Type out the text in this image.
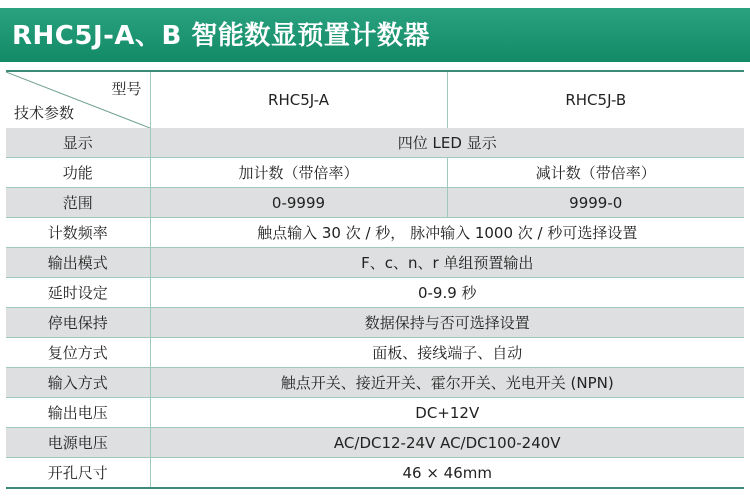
RHC5J-A、B 智能数显预置计数器
型号
技术参数	RHC5J-A	RHC5J-B
显示	四位 LED 显示	
功能	加计数（带倍率）	减计数（带倍率）
范围	0-9999	9999-0
计数频率	触点输入 30 次 / 秒， 脉冲输入 1000 次 / 秒可选择设置	
输出模式	F、c、n、r 单组预置输出	
延时设定	0-9.9 秒	
停电保持	数据保持与否可选择设置	
复位方式	面板、接线端子、自动	
输入方式	触点开关、接近开关、霍尔开关、光电开关 (NPN)	
输出电压	DC+12V	
电源电压	AC/DC12-24V AC/DC100-240V	
开孔尺寸	46 × 46mm	
